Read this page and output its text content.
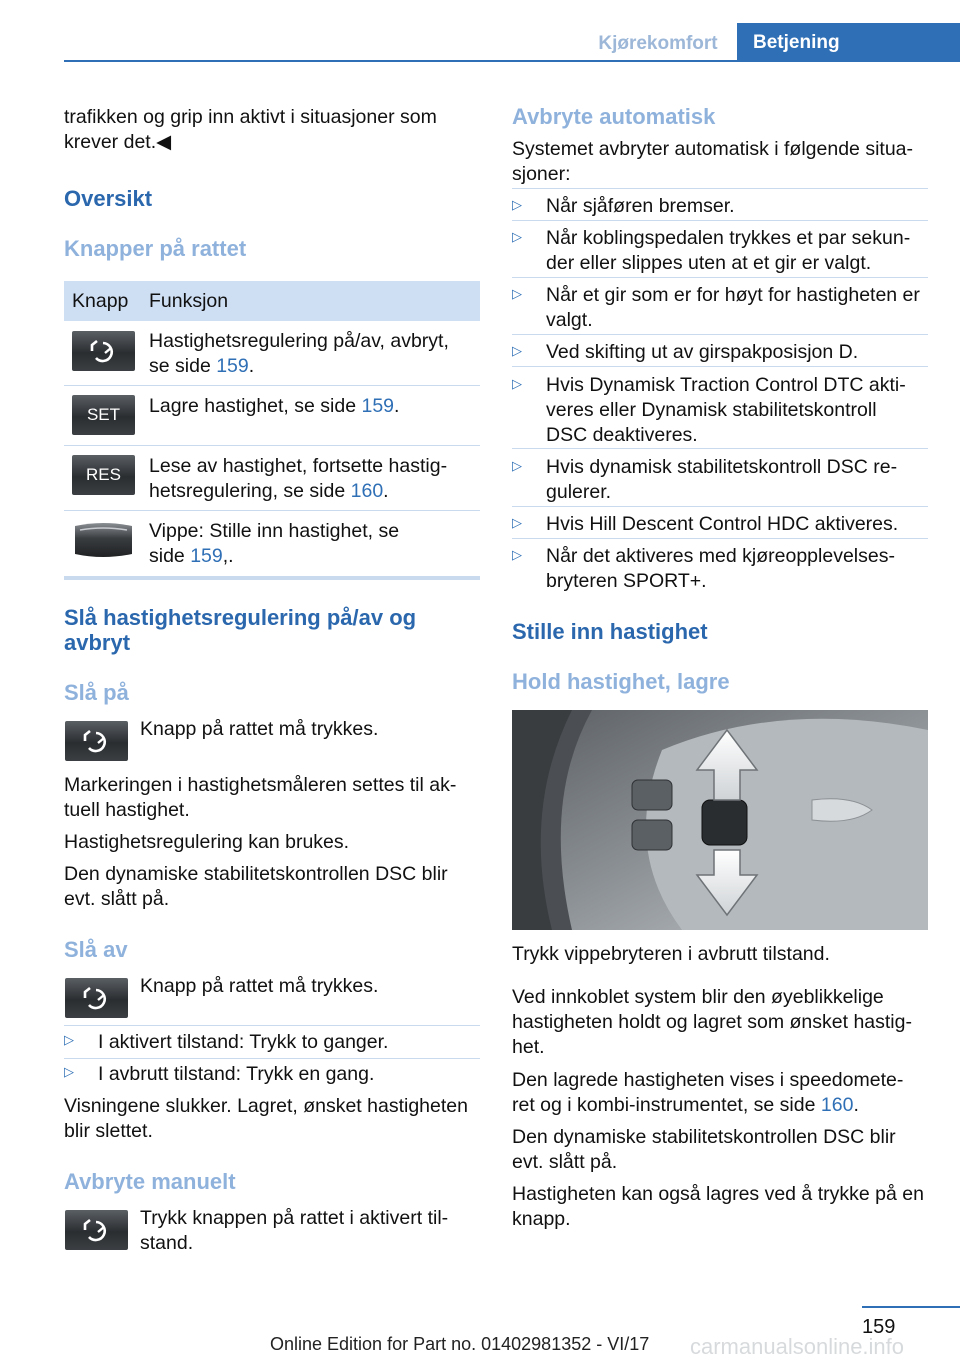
Kjørekomfort	Betjening
trafikken og grip inn aktivt i situasjoner som
krever det.◀
Oversikt
Knapper på rattet
Knapp Funksjon
Hastighetsregulering på/av, avbryt,
se side 159.
SET	Lagre hastighet, se side 159.
RES	Lese av hastighet, fortsette hastig‐
hetsregulering, se side 160.
Vippe: Stille inn hastighet, se
side 159,.
Slå hastighetsregulering på/av og
avbryt
Slå på
Knapp på rattet må trykkes.
Markeringen i hastighetsmåleren settes til ak‐
tuell hastighet.
Hastighetsregulering kan brukes.
Den dynamiske stabilitetskontrollen DSC blir
evt. slått på.
Slå av
Knapp på rattet må trykkes.
▷ I aktivert tilstand: Trykk to ganger.
▷ I avbrutt tilstand: Trykk en gang.
Visningene slukker. Lagret, ønsket hastigheten
blir slettet.
Avbryte manuelt
Trykk knappen på rattet i aktivert til‐
stand.
Avbryte automatisk
Systemet avbryter automatisk i følgende situa‐
sjoner:
▷ Når sjåføren bremser.
▷ Når koblingspedalen trykkes et par sekun‐
der eller slippes uten at et gir er valgt.
▷ Når et gir som er for høyt for hastigheten er
valgt.
▷ Ved skifting ut av girspakposisjon D.
▷ Hvis Dynamisk Traction Control DTC akti‐
veres eller Dynamisk stabilitetskontroll
DSC deaktiveres.
▷ Hvis dynamisk stabilitetskontroll DSC re‐
gulerer.
▷ Hvis Hill Descent Control HDC aktiveres.
▷ Når det aktiveres med kjøreopplevelses‐
bryteren SPORT+.
Stille inn hastighet
Hold hastighet, lagre
Trykk vippebryteren i avbrutt tilstand.
Ved innkoblet system blir den øyeblikkelige
hastigheten holdt og lagret som ønsket hastig‐
het.
Den lagrede hastigheten vises i speedomete‐
ret og i kombi-instrumentet, se side 160.
Den dynamiske stabilitetskontrollen DSC blir
evt. slått på.
Hastigheten kan også lagres ved å trykke på en
knapp.
159
Online Edition for Part no. 01402981352 - VI/17 carmanualsonline.info
